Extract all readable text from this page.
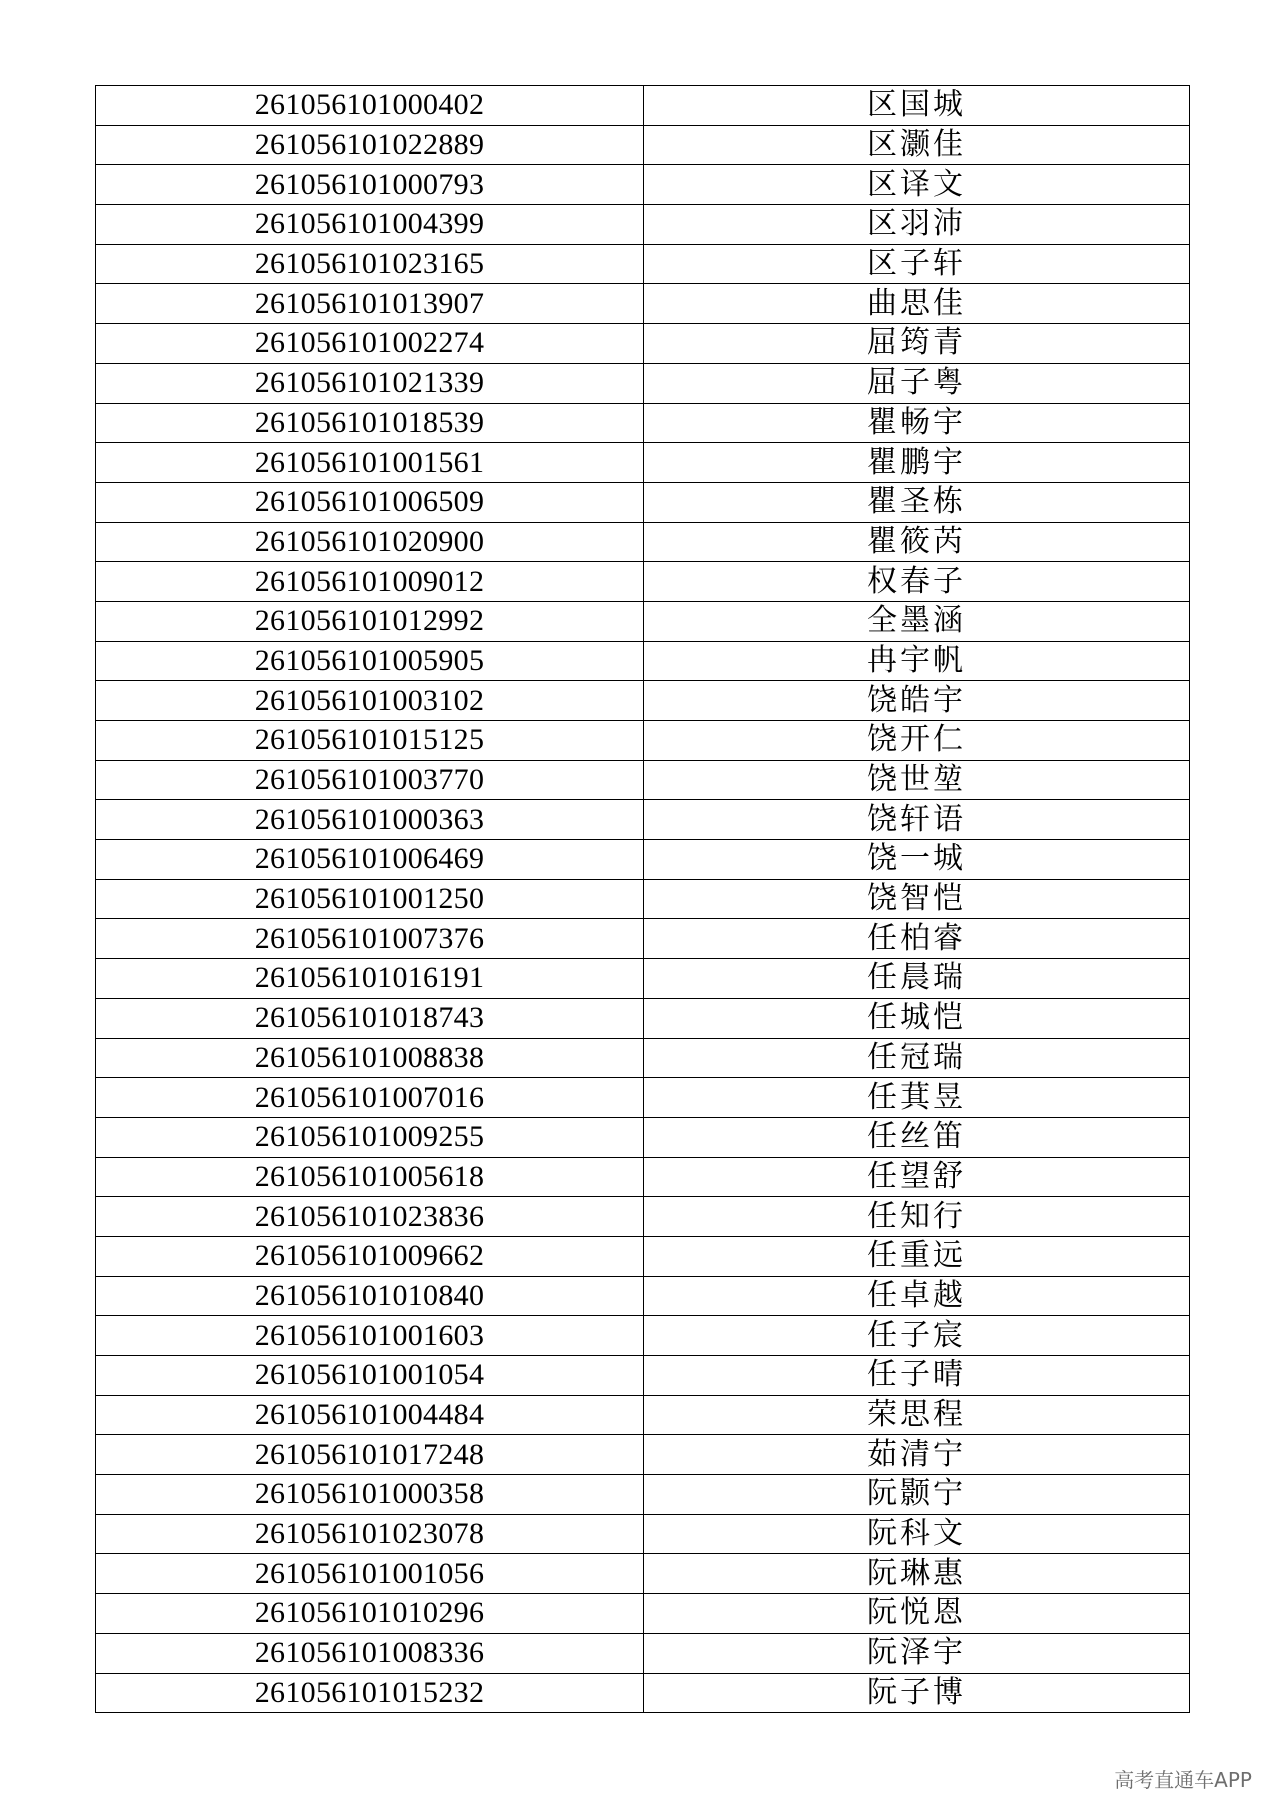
261056101000402	区国城
261056101022889	区灏佳
261056101000793	区译文
261056101004399	区羽沛
261056101023165	区子轩
261056101013907	曲思佳
261056101002274	屈筠青
261056101021339	屈子粤
261056101018539	瞿畅宇
261056101001561	瞿鹏宇
261056101006509	瞿圣栋
261056101020900	瞿筱芮
261056101009012	权春子
261056101012992	全墨涵
261056101005905	冉宇帆
261056101003102	饶皓宇
261056101015125	饶开仁
261056101003770	饶世堃
261056101000363	饶轩语
261056101006469	饶一城
261056101001250	饶智恺
261056101007376	任柏睿
261056101016191	任晨瑞
261056101018743	任城恺
261056101008838	任冠瑞
261056101007016	任萁昱
261056101009255	任丝笛
261056101005618	任望舒
261056101023836	任知行
261056101009662	任重远
261056101010840	任卓越
261056101001603	任子宸
261056101001054	任子晴
261056101004484	荣思程
261056101017248	茹清宁
261056101000358	阮颢宁
261056101023078	阮科文
261056101001056	阮琳惠
261056101010296	阮悦恩
261056101008336	阮泽宇
261056101015232	阮子博
高考直通车APP
